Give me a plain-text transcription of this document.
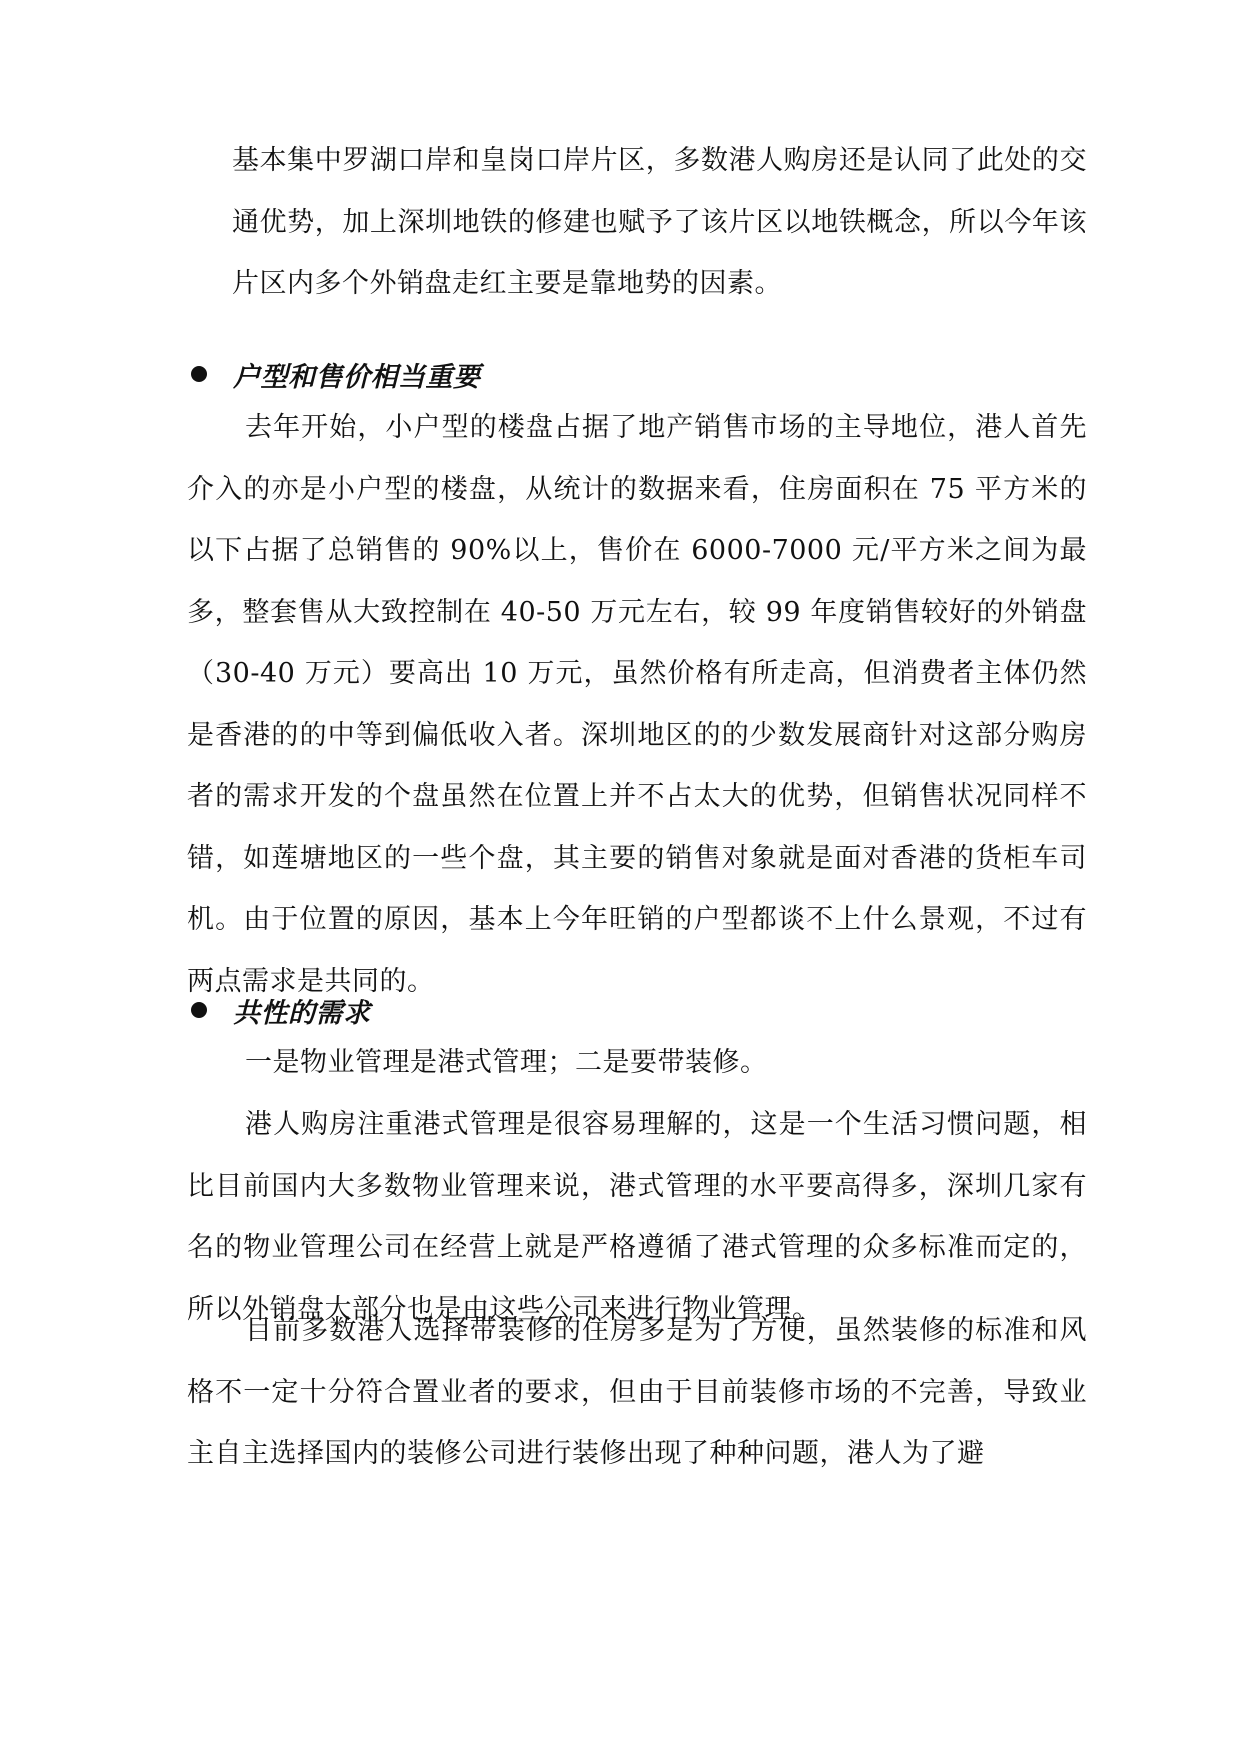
基本集中罗湖口岸和皇岗口岸片区，多数港人购房还是认同了此处的交通优势，加上深圳地铁的修建也赋予了该片区以地铁概念，所以今年该片区内多个外销盘走红主要是靠地势的因素。

户型和售价相当重要

去年开始，小户型的楼盘占据了地产销售市场的主导地位，港人首先介入的亦是小户型的楼盘，从统计的数据来看，住房面积在 75 平方米的以下占据了总销售的 90%以上，售价在 6000-7000 元/平方米之间为最多，整套售从大致控制在 40-50 万元左右，较 99 年度销售较好的外销盘（30-40 万元）要高出 10 万元，虽然价格有所走高，但消费者主体仍然是香港的的中等到偏低收入者。深圳地区的的少数发展商针对这部分购房者的需求开发的个盘虽然在位置上并不占太大的优势，但销售状况同样不错，如莲塘地区的一些个盘，其主要的销售对象就是面对香港的货柜车司机。由于位置的原因，基本上今年旺销的户型都谈不上什么景观，不过有两点需求是共同的。

共性的需求

一是物业管理是港式管理；二是要带装修。

港人购房注重港式管理是很容易理解的，这是一个生活习惯问题，相比目前国内大多数物业管理来说，港式管理的水平要高得多，深圳几家有名的物业管理公司在经营上就是严格遵循了港式管理的众多标准而定的，所以外销盘大部分也是由这些公司来进行物业管理。

目前多数港人选择带装修的住房多是为了方便，虽然装修的标准和风格不一定十分符合置业者的要求，但由于目前装修市场的不完善，导致业主自主选择国内的装修公司进行装修出现了种种问题，港人为了避
